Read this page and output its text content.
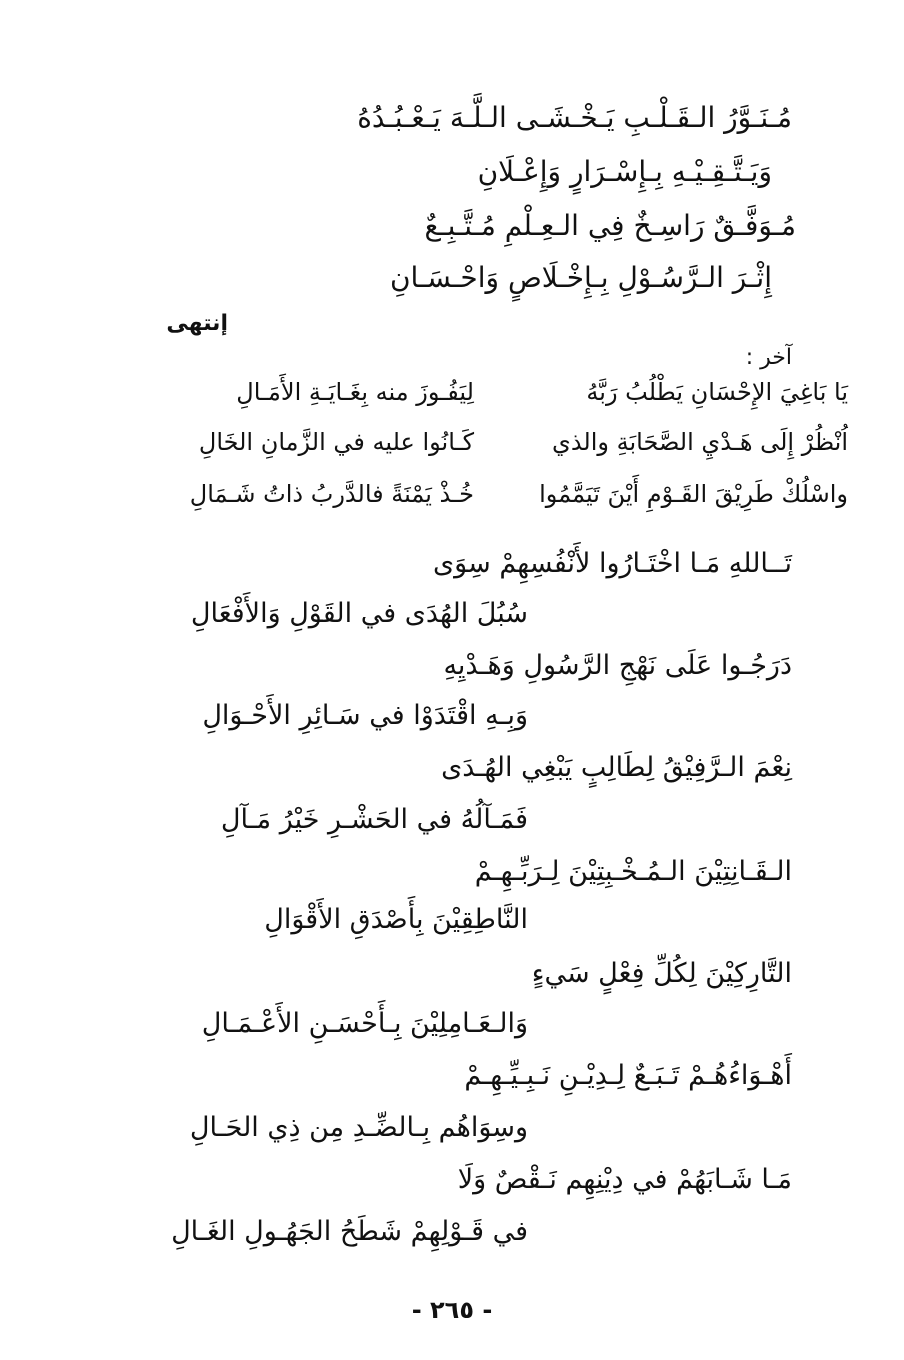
مُـنَـوَّرُ الـقَـلْـبِ يَـخْـشَـى الـلَّـهَ يَـعْـبُـدُهُ
وَيَـتَّـقِـيْـهِ بِـإِسْـرَارٍ وَإِعْـلَانِ
مُـوَفَّـقٌ رَاسِـخٌ فِي الـعِـلْمِ مُـتَّـبِـعٌ
إِثْـرَ الـرَّسُـوْلِ بِـإِخْـلَاصٍ وَاحْـسَـانِ
إنتهى
آخر :
يَا بَاغِيَ الإِحْسَانِ يَطْلُبُ رَبَّهُ
لِيَفُـوزَ منه بِغَـايَـةِ الأَمَـالِ
اُنْظُرْ إِلَى هَـدْيِ الصَّحَابَةِ والذي
كَـانُوا عليه في الزَّمانِ الخَالِ
واسْلُكْ طَرِيْقَ القَـوْمِ أَيْنَ تَيَمَّمُوا
خُـذْ يَمْنَةً فالدَّربُ ذاتُ شَـمَالِ
تَــاللهِ مَـا اخْتَـارُوا لأَنْفُسِهِمْ سِوَى
سُبُلَ الهُدَى في القَوْلِ وَالأَفْعَالِ
دَرَجُـوا عَلَى نَهْجِ الرَّسُولِ وَهَـدْيِهِ
وَبِـهِ اقْتَدَوْا في سَـائِرِ الأَحْـوَالِ
نِعْمَ الـرَّفِيْقُ لِطَالِبٍ يَبْغِي الهُـدَى
فَمَـآلُهُ في الحَشْـرِ خَيْرُ مَـآلِ
الـقَـانِتِيْنَ الـمُـخْـبِتِيْنَ لِـرَبِّـهِـمْ
النَّاطِقِيْنَ بِأَصْدَقِ الأَقْوَالِ
التَّارِكِيْنَ لِكُلِّ فِعْلٍ سَيءٍ
وَالـعَـامِلِيْنَ بِـأَحْسَـنِ الأَعْـمَـالِ
أَهْـوَاءُهُـمْ تَـبَـعٌ لِـدِيْـنِ نَـبِـيِّـهِـمْ
وسِوَاهُم بِـالضِّـدِ مِن ذِي الحَـالِ
مَـا شَـابَهُمْ في دِيْنِهِم نَـقْصٌ وَلَا
في قَـوْلِهِمْ شَطَحُ الجَهُـولِ الغَـالِ
- ٢٦٥ -
